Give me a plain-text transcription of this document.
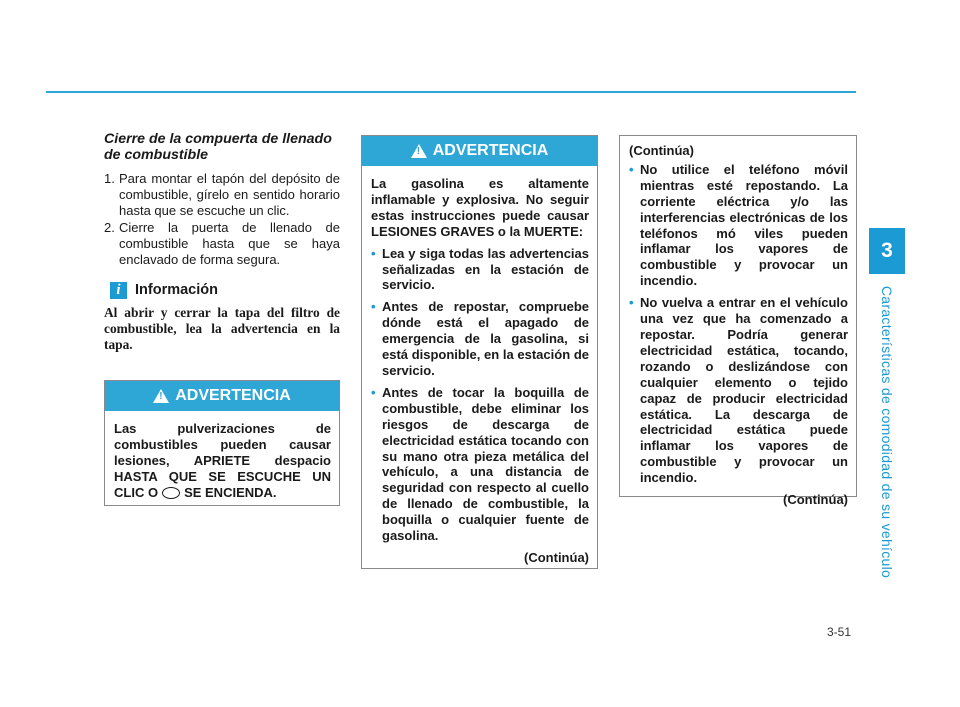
3
Características de comodidad de su vehículo
Cierre de la compuerta de llenado de combustible
1. Para montar el tapón del depósito de combustible, gírelo en sentido horario hasta que se escuche un clic.
2. Cierre la puerta de llenado de combustible hasta que se haya enclavado de forma segura.
i Información
Al abrir y cerrar la tapa del filtro de combustible, lea la advertencia en la tapa.
!
ADVERTENCIA
Las pulverizaciones de combustibles pueden causar lesiones, APRIETE despacio HASTA QUE SE ESCUCHE UN CLIC O SE ENCIENDA.
!
ADVERTENCIA
La gasolina es altamente inflamable y explosiva. No seguir estas instrucciones puede causar LESIONES GRAVES o la MUERTE:
• Lea y siga todas las advertencias señalizadas en la estación de servicio.
• Antes de repostar, compruebe dónde está el apagado de emergencia de la gasolina, si está disponible, en la estación de servicio.
• Antes de tocar la boquilla de combustible, debe eliminar los riesgos de descarga de electricidad estática tocando con su mano otra pieza metálica del vehículo, a una distancia de seguridad con respecto al cuello de llenado de combustible, la boquilla o cualquier fuente de gasolina.
(Continúa)
(Continúa)
• No utilice el teléfono móvil mientras esté repostando. La corriente eléctrica y/o las interferencias electrónicas de los teléfonos mó viles pueden inflamar los vapores de combustible y provocar un incendio.
• No vuelva a entrar en el vehículo una vez que ha comenzado a repostar. Podría generar electricidad estática, tocando, rozando o deslizándose con cualquier elemento o tejido capaz de producir electricidad estática. La descarga de electricidad estática puede inflamar los vapores de combustible y provocar un incendio.
(Continúa)
3-51
